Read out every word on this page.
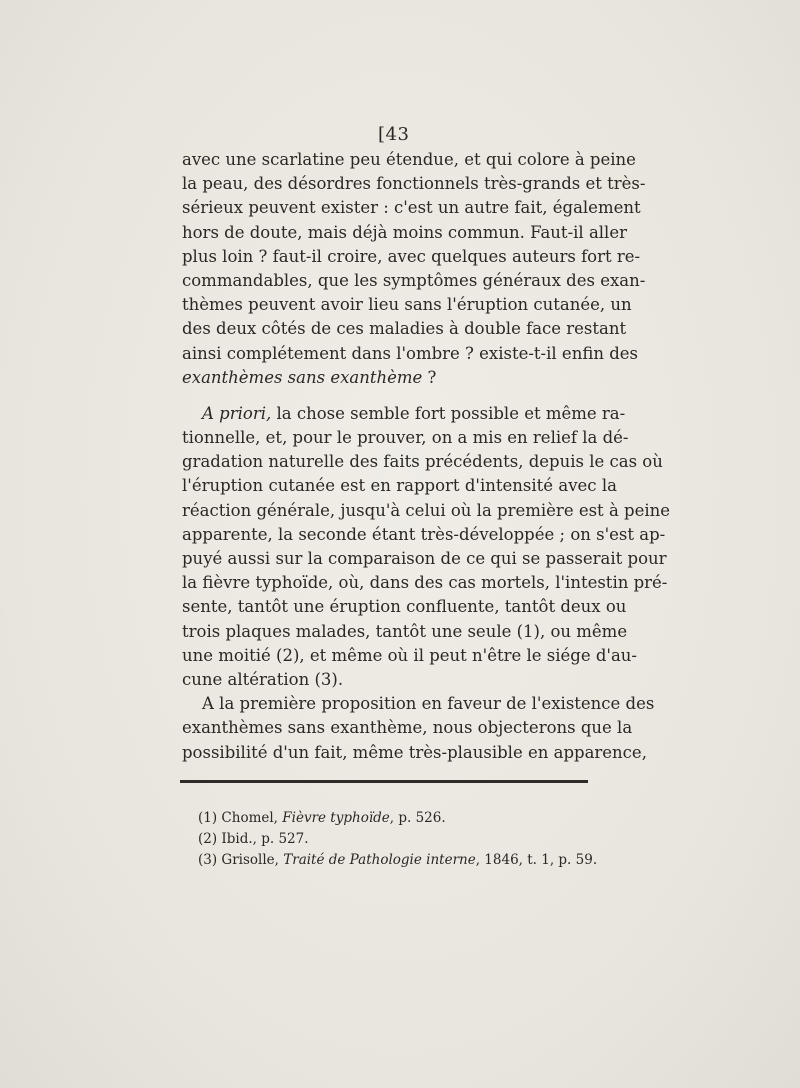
[43
avec une scarlatine peu étendue, et qui colore à peine
la peau, des désordres fonctionnels très-grands et très-
sérieux peuvent exister : c'est un autre fait, également
hors de doute, mais déjà moins commun. Faut-il aller
plus loin ? faut-il croire, avec quelques auteurs fort re-
commandables, que les symptômes généraux des exan-
thèmes peuvent avoir lieu sans l'éruption cutanée, un
des deux côtés de ces maladies à double face restant
ainsi complétement dans l'ombre ? existe-t-il enfin des
exanthèmes sans exanthème ?
A priori, la chose semble fort possible et même ra-
tionnelle, et, pour le prouver, on a mis en relief la dé-
gradation naturelle des faits précédents, depuis le cas où
l'éruption cutanée est en rapport d'intensité avec la
réaction générale, jusqu'à celui où la première est à peine
apparente, la seconde étant très-développée ; on s'est ap-
puyé aussi sur la comparaison de ce qui se passerait pour
la fièvre typhoïde, où, dans des cas mortels, l'intestin pré-
sente, tantôt une éruption confluente, tantôt deux ou
trois plaques malades, tantôt une seule (1), ou même
une moitié (2), et même où il peut n'être le siége d'au-
cune altération (3).
A la première proposition en faveur de l'existence des
exanthèmes sans exanthème, nous objecterons que la
possibilité d'un fait, même très-plausible en apparence,
(1) Chomel, Fièvre typhoïde, p. 526.
(2) Ibid., p. 527.
(3) Grisolle, Traité de Pathologie interne, 1846, t. 1, p. 59.
